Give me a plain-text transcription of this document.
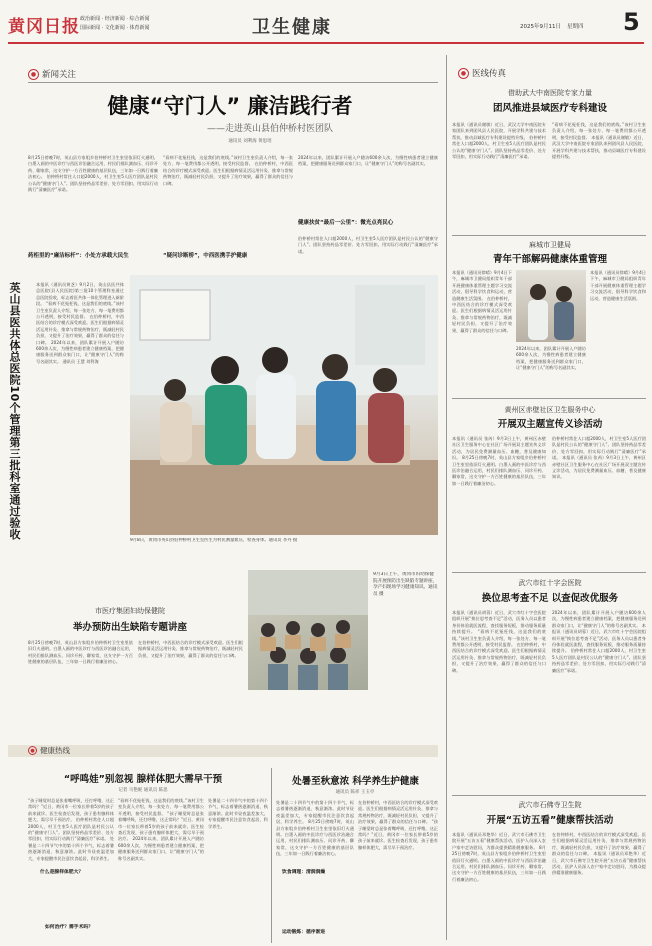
黄冈日报 政治新闻 · 经济新闻 · 综合新闻
国际新闻 · 文化新闻 · 体育新闻	卫生健康	2025年9月11日 星期四 5
● 新闻关注
健康“守门人” 廉洁践行者
——走进英山县伯仲桥村医团队
通讯员 刘利海 黄思瑶
8月25日傍晚7时，英山县方家咀乡伯仲桥村卫生室里依旧灯火通明。白墨入画的中医诊疗与西医诊治融合运用，村民们排队测血压、问诊开药、聊家常，这支守护一方百姓健康的基层队伍，三年如一日践行着廉洁初心。 伯仲桥村常住人口超2000人，村卫生室5人医疗团队是村民公认的“健康守门人”。团队坚持药品零差价、处方零回扣，用实际行动践行“清廉医疗”承诺。
“看病不花冤枉钱，这是我们的底线。”该村卫生室负责人介绍，每一张处方、每一笔费用都公开透明，接受村民监督。 在伯仲桥村，中西医结合的诊疗模式深受欢迎。医生们根据病情灵活运用针灸、推拿与常规药物治疗，既减轻村民负担，又提升了治疗效果，赢得了群众的信任与口碑。
2024年以来，团队累计开展入户随访600余人次，为慢性病患者建立健康档案，把健康服务送到群众家门口，让“健康守门人”的称号名副其实。
药柜里的“廉洁标杆”：小处方承载大民生	“疑问诊断桥”，中西医携手护健康
健康扶贫“最后一公里”：微光点亮民心
伯仲桥村常住人口超2000人，村卫生室5人医疗团队是村民公认的“健康守门人”。团队坚持药品零差价、处方零回扣，用实际行动践行“清廉医疗”承诺。
英山县医共体总医院10个管理第三批科室通过验收	本报讯（通讯员黄芝）9月2日，英山县医共体总医院(县人民医院)第三批10个管理科室通过总医院验收，标志着医共体一体化管理进入新阶段。 “看病不花冤枉钱，这是我们的底线。”该村卫生室负责人介绍，每一张处方、每一笔费用都公开透明，接受村民监督。 在伯仲桥村，中西医结合的诊疗模式深受欢迎。医生们根据病情灵活运用针灸、推拿与常规药物治疗，既减轻村民负担，又提升了治疗效果，赢得了群众的信任与口碑。 2024年以来，团队累计开展入户随访600余人次，为慢性病患者建立健康档案，把健康服务送到群众家门口，让“健康守门人”的称号名副其实。 通讯员 王慧 刘利海
9月8日，黄冈市英山县伯仲桥村卫生室医生为村民测量血压、检查身体。通讯员 李丹 摄
市医疗集团妇幼保健院
举办预防出生缺陷专题讲座
8月25日傍晚7时，英山县方家咀乡伯仲桥村卫生室里依旧灯火通明。白墨入画的中医诊疗与西医诊治融合运用，村民们排队测血压、问诊开药、聊家常，这支守护一方百姓健康的基层队伍，三年如一日践行着廉洁初心。
在伯仲桥村，中西医结合的诊疗模式深受欢迎。医生们根据病情灵活运用针灸、推拿与常规药物治疗，既减轻村民负担，又提升了治疗效果，赢得了群众的信任与口碑。
9月3日上午，黄冈市妇幼保健院开展预防出生缺陷专题讲座，孕产妇现场学习健康知识。通讯员 摄
● 健康热线
“呼鸣娃”别忽视 腺样体肥大需早干预
记者 马艳妮 通讯员 陈思
“孩子睡觉时总是张着嘴呼吸，还打呼噜，这正常吗？”近日，黄冈市一位家长带着5岁的孩子前来就诊。医生检查后发现，孩子患有腺样体肥大，需尽早干预治疗。 伯仲桥村常住人口超2000人，村卫生室5人医疗团队是村民公认的“健康守门人”。团队坚持药品零差价、处方零回扣，用实际行动践行“清廉医疗”承诺。 处暑是二十四节气中的第十四个节气，标志着暑热逐渐消退、秋意渐浓。此时节昼夜温差加大，专家提醒市民注意饮食起居，科学养生。
“看病不花冤枉钱，这是我们的底线。”该村卫生室负责人介绍，每一张处方、每一笔费用都公开透明，接受村民监督。 “孩子睡觉时总是张着嘴呼吸，还打呼噜，这正常吗？”近日，黄冈市一位家长带着5岁的孩子前来就诊。医生检查后发现，孩子患有腺样体肥大，需尽早干预治疗。 2024年以来，团队累计开展入户随访600余人次，为慢性病患者建立健康档案，把健康服务送到群众家门口，让“健康守门人”的称号名副其实。
处暑是二十四节气中的第十四个节气，标志着暑热逐渐消退、秋意渐浓。此时节昼夜温差加大，专家提醒市民注意饮食起居，科学养生。
什么是腺样体肥大？
如何治疗？需手术吗？
处暑至秋意浓 科学养生护健康
通讯员 陈祥 王玉亭
处暑是二十四节气中的第十四个节气，标志着暑热逐渐消退、秋意渐浓。此时节昼夜温差加大，专家提醒市民注意饮食起居，科学养生。 8月25日傍晚7时，英山县方家咀乡伯仲桥村卫生室里依旧灯火通明。白墨入画的中医诊疗与西医诊治融合运用，村民们排队测血压、问诊开药、聊家常，这支守护一方百姓健康的基层队伍，三年如一日践行着廉洁初心。
在伯仲桥村，中西医结合的诊疗模式深受欢迎。医生们根据病情灵活运用针灸、推拿与常规药物治疗，既减轻村民负担，又提升了治疗效果，赢得了群众的信任与口碑。 “孩子睡觉时总是张着嘴呼吸，还打呼噜，这正常吗？”近日，黄冈市一位家长带着5岁的孩子前来就诊。医生检查后发现，孩子患有腺样体肥大，需尽早干预治疗。
饮食调理：清润润燥
运动锻炼：循序渐进
● 医线传真
借助武大中南医院专家力量
团风推进县域医疗专科建设
本报讯（通讯员谢敏）近日，武汉大学中南医院专家团队来到团风县人民医院，开展学科共建与技术帮扶，推动县域医疗专科建设提档升级。 伯仲桥村常住人口超2000人，村卫生室5人医疗团队是村民公认的“健康守门人”。团队坚持药品零差价、处方零回扣，用实际行动践行“清廉医疗”承诺。
“看病不花冤枉钱，这是我们的底线。”该村卫生室负责人介绍，每一张处方、每一笔费用都公开透明，接受村民监督。 本报讯（通讯员谢敏）近日，武汉大学中南医院专家团队来到团风县人民医院，开展学科共建与技术帮扶，推动县域医疗专科建设提档升级。
麻城市卫健局
青年干部解码健康体重管理
本报讯（通讯员徐晴）9月4日下午，麻城市卫健局组织青年干部开展健康体重管理主题学习交流活动，倡导科学饮食和运动，营造健康生活氛围。 在伯仲桥村，中西医结合的诊疗模式深受欢迎。医生们根据病情灵活运用针灸、推拿与常规药物治疗，既减轻村民负担，又提升了治疗效果，赢得了群众的信任与口碑。
本报讯（通讯员徐晴）9月4日下午，麻城市卫健局组织青年干部开展健康体重管理主题学习交流活动，倡导科学饮食和运动，营造健康生活氛围。
2024年以来，团队累计开展入户随访600余人次，为慢性病患者建立健康档案，把健康服务送到群众家门口，让“健康守门人”的称号名副其实。
黄州区赤壁社区卫生服务中心
开展双主题宣传义诊活动
本报讯（通讯员 张芮）9月3日上午，黄州区赤壁社区卫生服务中心在社区广场开展双主题宣传义诊活动，为居民免费测量血压、血糖，普及健康知识。 8月25日傍晚7时，英山县方家咀乡伯仲桥村卫生室里依旧灯火通明。白墨入画的中医诊疗与西医诊治融合运用，村民们排队测血压、问诊开药、聊家常，这支守护一方百姓健康的基层队伍，三年如一日践行着廉洁初心。
伯仲桥村常住人口超2000人，村卫生室5人医疗团队是村民公认的“健康守门人”。团队坚持药品零差价、处方零回扣，用实际行动践行“清廉医疗”承诺。 本报讯（通讯员 张芮）9月3日上午，黄州区赤壁社区卫生服务中心在社区广场开展双主题宣传义诊活动，为居民免费测量血压、血糖，普及健康知识。
武穴市红十字会医院
换位思考查不足 以查促改优服务
本报讯（通讯员胡蓉）近日，武穴市红十字会医院组织开展“换位思考查不足”活动，医务人员以患者身份体验就医流程，查找服务短板，推动服务质量持续提升。 “看病不花冤枉钱，这是我们的底线。”该村卫生室负责人介绍，每一张处方、每一笔费用都公开透明，接受村民监督。 在伯仲桥村，中西医结合的诊疗模式深受欢迎。医生们根据病情灵活运用针灸、推拿与常规药物治疗，既减轻村民负担，又提升了治疗效果，赢得了群众的信任与口碑。
2024年以来，团队累计开展入户随访600余人次，为慢性病患者建立健康档案，把健康服务送到群众家门口，让“健康守门人”的称号名副其实。 本报讯（通讯员胡蓉）近日，武穴市红十字会医院组织开展“换位思考查不足”活动，医务人员以患者身份体验就医流程，查找服务短板，推动服务质量持续提升。 伯仲桥村常住人口超2000人，村卫生室5人医疗团队是村民公认的“健康守门人”。团队坚持药品零差价、处方零回扣，用实际行动践行“清廉医疗”承诺。
武穴市石佛寺卫生院
开展“五访五看”健康帮扶活动
本报讯（通讯员邓艳华）近日，武穴市石佛寺卫生院开展“五访五看”健康帮扶活动，医护人员深入农户家中走访慰问，为群众提供精准健康服务。 8月25日傍晚7时，英山县方家咀乡伯仲桥村卫生室里依旧灯火通明。白墨入画的中医诊疗与西医诊治融合运用，村民们排队测血压、问诊开药、聊家常，这支守护一方百姓健康的基层队伍，三年如一日践行着廉洁初心。
在伯仲桥村，中西医结合的诊疗模式深受欢迎。医生们根据病情灵活运用针灸、推拿与常规药物治疗，既减轻村民负担，又提升了治疗效果，赢得了群众的信任与口碑。 本报讯（通讯员邓艳华）近日，武穴市石佛寺卫生院开展“五访五看”健康帮扶活动，医护人员深入农户家中走访慰问，为群众提供精准健康服务。
